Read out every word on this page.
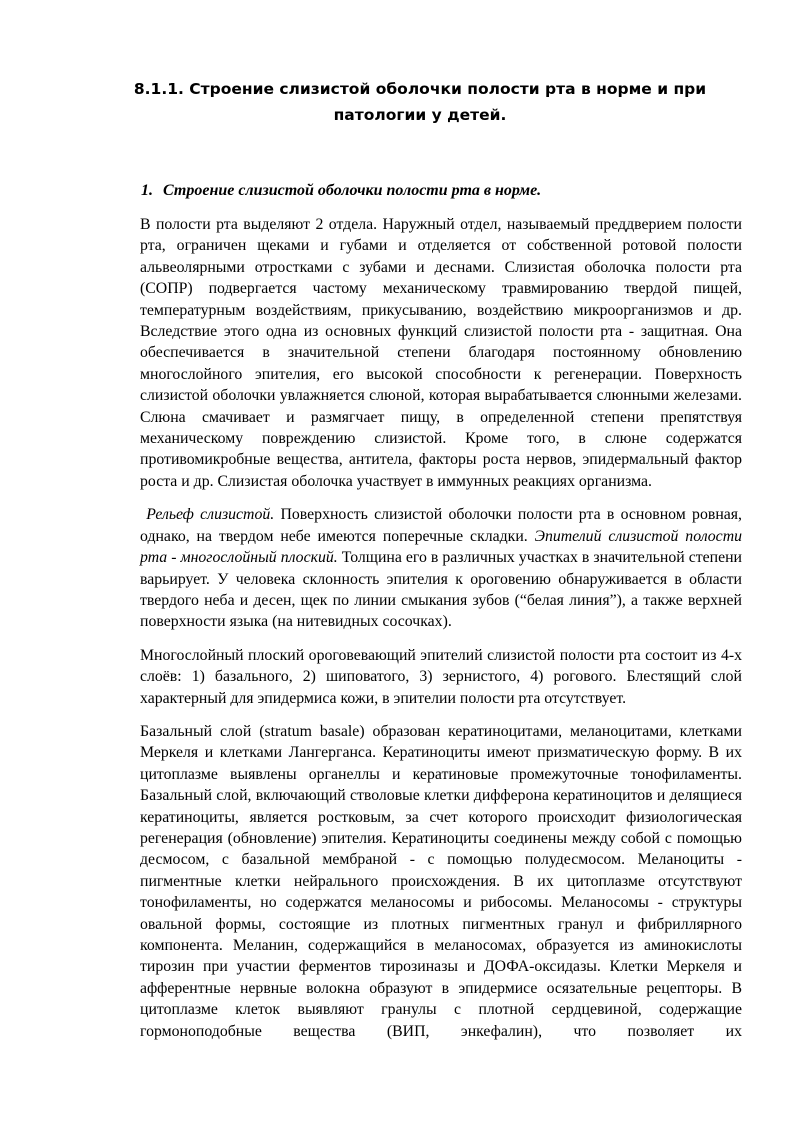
8.1.1. Строение слизистой оболочки полости рта в норме и при патологии у детей.
1. Строение слизистой оболочки полости рта в норме.

В полости рта выделяют 2 отдела. Наружный отдел, называемый преддверием полости рта, ограничен щеками и губами и отделяется от собственной ротовой полости альвеолярными отростками с зубами и деснами. Слизистая оболочка полости рта (СОПР) подвергается частому механическому травмированию твердой пищей, температурным воздействиям, прикусыванию, воздействию микроорганизмов и др. Вследствие этого одна из основных функций слизистой полости рта - защитная. Она обеспечивается в значительной степени благодаря постоянному обновлению многослойного эпителия, его высокой способности к регенерации. Поверхность слизистой оболочки увлажняется слюной, которая вырабатывается слюнными железами. Слюна смачивает и размягчает пищу, в определенной степени препятствуя механическому повреждению слизистой. Кроме того, в слюне содержатся противомикробные вещества, антитела, факторы роста нервов, эпидермальный фактор роста и др. Слизистая оболочка участвует в иммунных реакциях организма.

Рельеф слизистой. Поверхность слизистой оболочки полости рта в основном ровная, однако, на твердом небе имеются поперечные складки. Эпителий слизистой полости рта - многослойный плоский. Толщина его в различных участках в значительной степени варьирует. У человека склонность эпителия к ороговению обнаруживается в области твердого неба и десен, щек по линии смыкания зубов (“белая линия”), а также верхней поверхности языка (на нитевидных сосочках).

Многослойный плоский ороговевающий эпителий слизистой полости рта состоит из 4-х слоёв: 1) базального, 2) шиповатого, 3) зернистого, 4) рогового. Блестящий слой характерный для эпидермиса кожи, в эпителии полости рта отсутствует.

Базальный слой (stratum basale) образован кератиноцитами, меланоцитами, клетками Меркеля и клетками Лангерганса. Кератиноциты имеют призматическую форму. В их цитоплазме выявлены органеллы и кератиновые промежуточные тонофиламенты. Базальный слой, включающий стволовые клетки дифферона кератиноцитов и делящиеся кератиноциты, является ростковым, за счет которого происходит физиологическая регенерация (обновление) эпителия. Кератиноциты соединены между собой с помощью десмосом, с базальной мембраной - с помощью полудесмосом. Меланоциты - пигментные клетки нейрального происхождения. В их цитоплазме отсутствуют тонофиламенты, но содержатся меланосомы и рибосомы. Меланосомы - структуры овальной формы, состоящие из плотных пигментных гранул и фибриллярного компонента. Меланин, содержащийся в меланосомах, образуется из аминокислоты тирозин при участии ферментов тирозиназы и ДОФА-оксидазы. Клетки Меркеля и афферентные нервные волокна образуют в эпидермисе осязательные рецепторы. В цитоплазме клеток выявляют гранулы с плотной сердцевиной, содержащие гормоноподобные вещества (ВИП, энкефалин), что позволяет их
